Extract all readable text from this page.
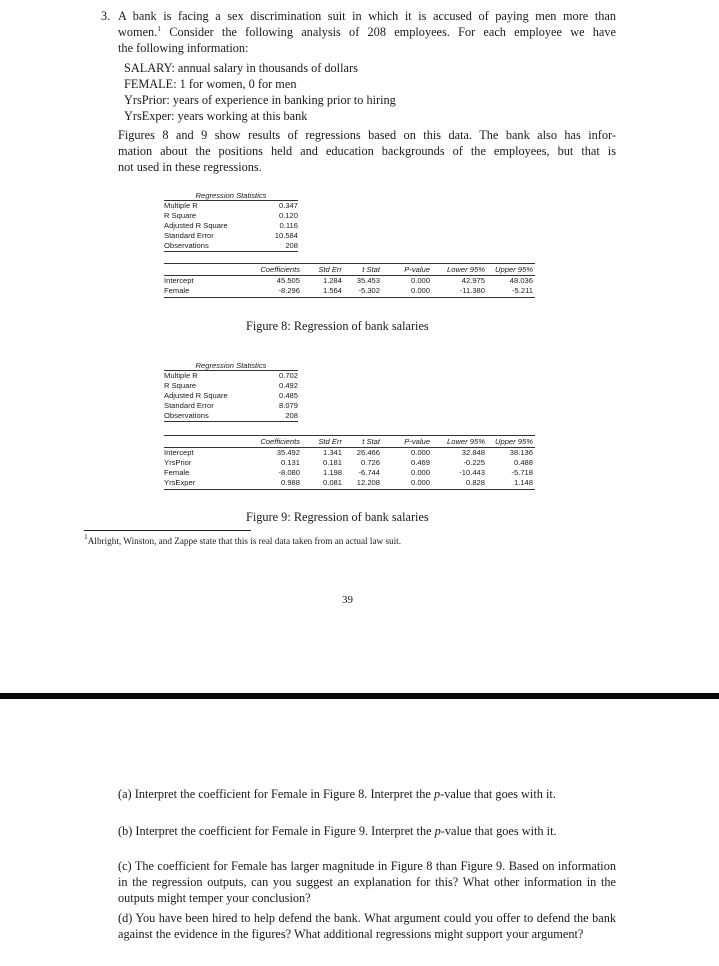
3. A bank is facing a sex discrimination suit in which it is accused of paying men more than
women.$^1$ Consider the following analysis of 208 employees. For each employee we have
the following information:
SALARY: annual salary in thousands of dollars
FEMALE: 1 for women, 0 for men
YrsPrior: years of experience in banking prior to hiring
YrsExper: years working at this bank
Figures 8 and 9 show results of regressions based on this data. The bank also has infor-
mation about the positions held and education backgrounds of the employees, but that is
not used in these regressions.
Regression Statistics
Multiple R	0.347
R Square	0.120
Adjusted R Square	0.116
Standard Error	10.584
Observations	208
Coefficients	Std Err	t Stat	P-value	Lower 95%	Upper 95%
Intercept	45.505	1.284	35.453	0.000	42.975	48.036
Female	-8.296	1.564	-5.302	0.000	-11.380	-5.211
Figure 8: Regression of bank salaries
Regression Statistics
Multiple R	0.702
R Square	0.492
Adjusted R Square	0.485
Standard Error	8.079
Observations	208
Coefficients	Std Err	t Stat	P-value	Lower 95%	Upper 95%
Intercept	35.492	1.341	26.466	0.000	32.848	38.136
YrsPrior	0.131	0.181	0.726	0.469	-0.225	0.488
Female	-8.080	1.198	-6.744	0.000	-10.443	-5.718
YrsExper	0.988	0.081	12.208	0.000	0.828	1.148
Figure 9: Regression of bank salaries
$^1$Albright, Winston, and Zappe state that this is real data taken from an actual law suit.
39
(a) Interpret the coefficient for Female in Figure 8. Interpret the p-value that goes with it.
(b) Interpret the coefficient for Female in Figure 9. Interpret the p-value that goes with it.
(c) The coefficient for Female has larger magnitude in Figure 8 than Figure 9. Based on information in the regression outputs, can you suggest an explanation for this? What other information in the outputs might temper your conclusion?
(d) You have been hired to help defend the bank. What argument could you offer to defend the bank against the evidence in the figures? What additional regressions might support your argument?
